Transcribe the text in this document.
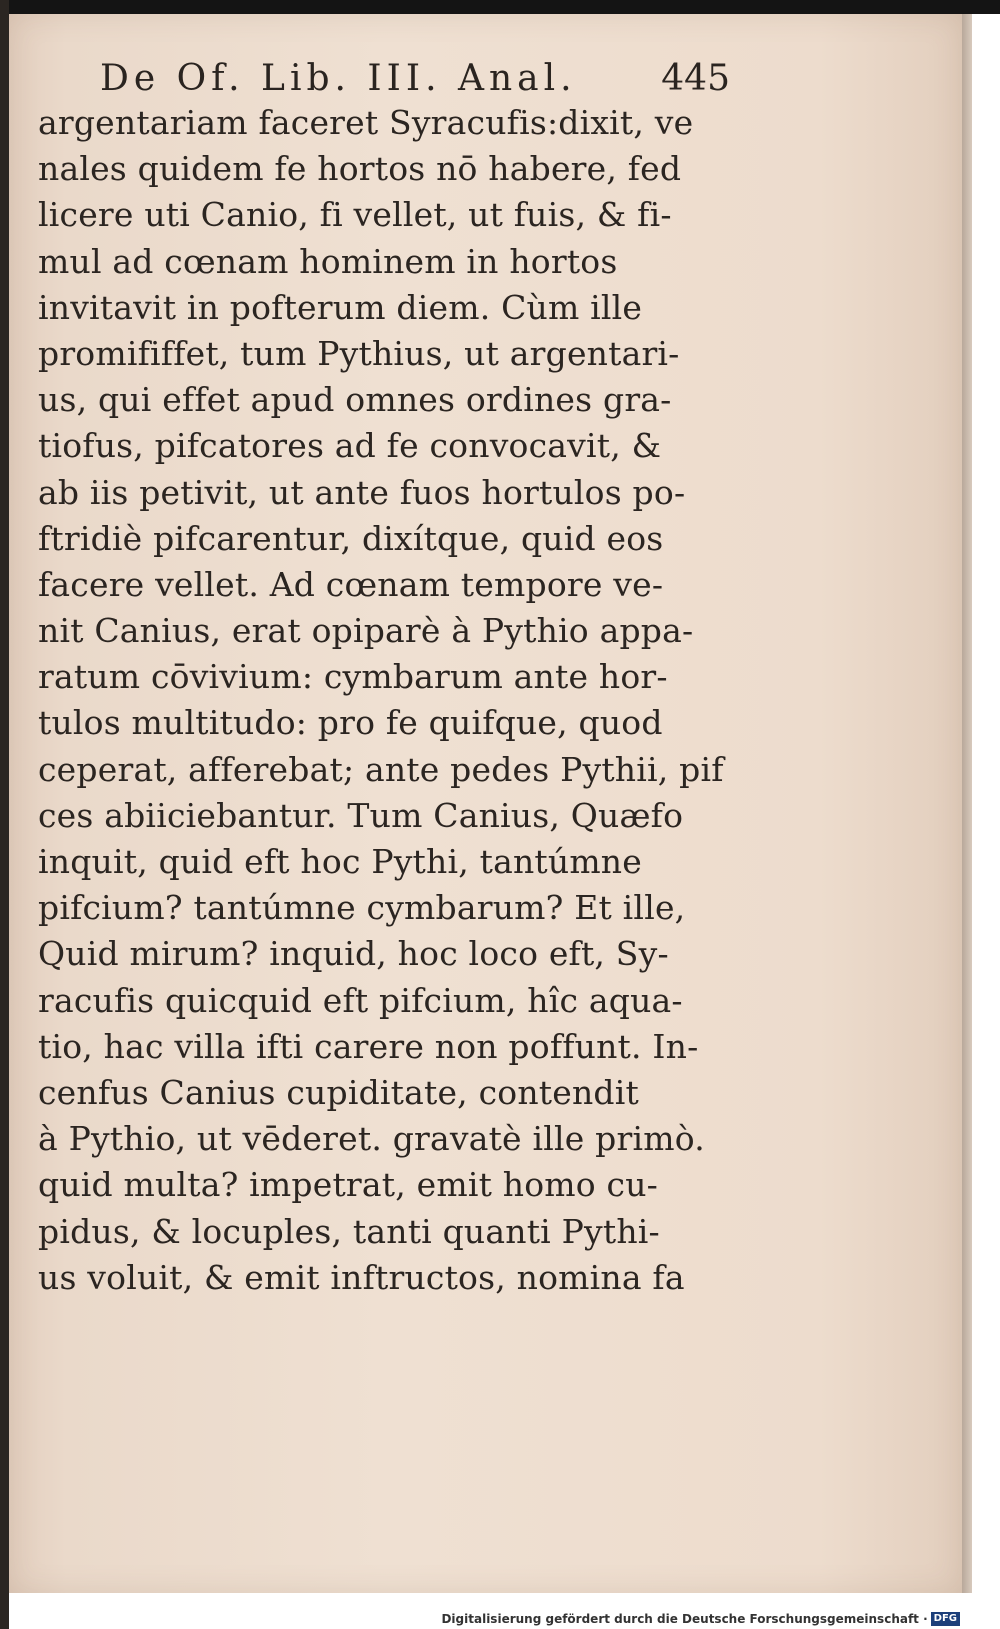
De Of. Lib. III. Anal.	445
argentariam faceret Syracufis:dixit, ve
nales quidem fe hortos nō habere, fed
licere uti Canio, fi vellet, ut fuis, & fi-
mul ad cœnam hominem in hortos
invitavit in pofterum diem. Cùm ille
promififfet, tum Pythius, ut argentari-
us, qui effet apud omnes ordines gra-
tiofus, pifcatores ad fe convocavit, &
ab iis petivit, ut ante fuos hortulos po-
ftridiè pifcarentur, dixítque, quid eos
facere vellet. Ad cœnam tempore ve-
nit Canius, erat opiparè à Pythio appa-
ratum cōvivium: cymbarum ante hor-
tulos multitudo: pro fe quifque, quod
ceperat, afferebat; ante pedes Pythii, pif
ces abiiciebantur. Tum Canius, Quæfo
inquit, quid eft hoc Pythi, tantúmne
pifcium? tantúmne cymbarum? Et ille,
Quid mirum? inquid, hoc loco eft, Sy-
racufis quicquid eft pifcium, hîc aqua-
tio, hac villa ifti carere non poffunt. In-
cenfus Canius cupiditate, contendit
à Pythio, ut vēderet. gravatè ille primò.
quid multa? impetrat, emit homo cu-
pidus, & locuples, tanti quanti Pythi-
us voluit, & emit inftructos, nomina fa
Digitalisierung gefördert durch die Deutsche Forschungsgemeinschaft · DFG
